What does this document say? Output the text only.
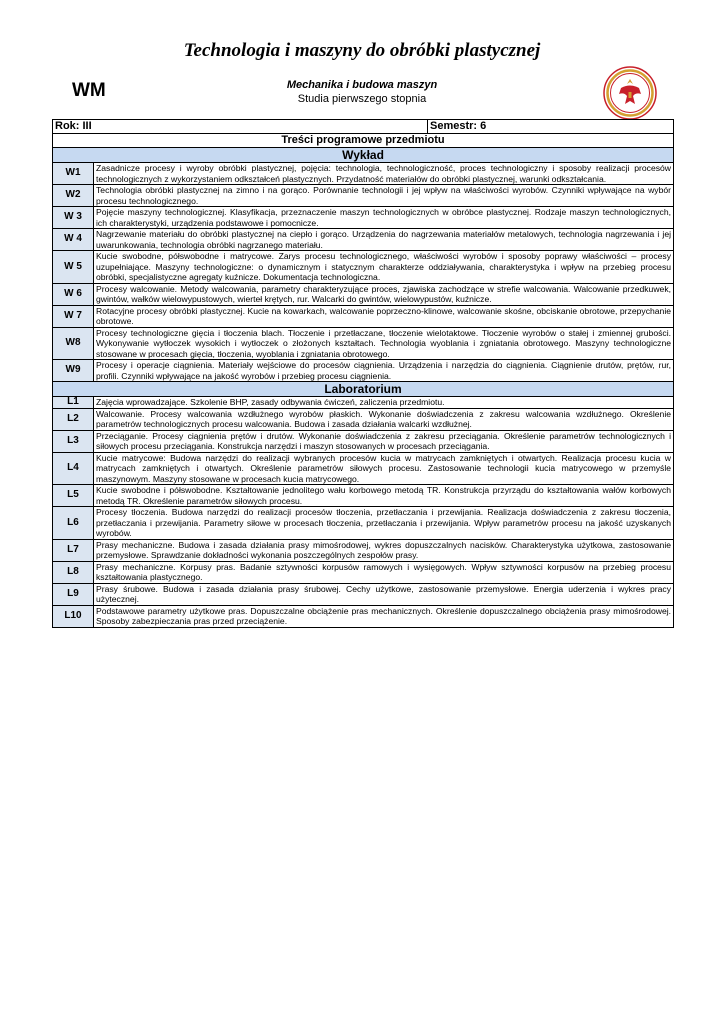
Technologia i maszyny do obróbki plastycznej
WM	Mechanika i budowa maszyn
Studia pierwszego stopnia
Rok: III		Semestr: 6
Treści programowe przedmiotu		
Wykład		
W1	Zasadnicze procesy i wyroby obróbki plastycznej, pojęcia: technologia, technologiczność, proces technologiczny i sposoby realizacji procesów technologicznych z wykorzystaniem odkształceń plastycznych. Przydatność materiałów do obróbki plastycznej, warunki odkształcania.	
W2	Technologia obróbki plastycznej na zimno i na gorąco. Porównanie technologii i jej wpływ na właściwości wyrobów. Czynniki wpływające na wybór procesu technologicznego.	
W 3	Pojęcie maszyny technologicznej. Klasyfikacja, przeznaczenie maszyn technologicznych w obróbce plastycznej. Rodzaje maszyn technologicznych, ich charakterystyki, urządzenia podstawowe i pomocnicze.	
W 4	Nagrzewanie materiału do obróbki plastycznej na ciepło i gorąco. Urządzenia do nagrzewania materiałów metalowych, technologia nagrzewania i jej uwarunkowania, technologia obróbki nagrzanego materiału.	
W 5	Kucie swobodne, półswobodne i matrycowe. Zarys procesu technologicznego, właściwości wyrobów i sposoby poprawy właściwości – procesy uzupełniające. Maszyny technologiczne: o dynamicznym i statycznym charakterze oddziaływania, charakterystyka i wpływ na przebieg procesu obróbki, specjalistyczne agregaty kuźnicze. Dokumentacja technologiczna.	
W 6	Procesy walcowanie. Metody walcowania, parametry charakteryzujące proces, zjawiska zachodzące w strefie walcowania. Walcowanie przedkuwek, gwintów, wałków wielowypustowych, wierteł krętych, rur. Walcarki do gwintów, wielowypustów, kuźnicze.	
W 7	Rotacyjne procesy obróbki plastycznej. Kucie na kowarkach, walcowanie poprzeczno-klinowe, walcowanie skośne, obciskanie obrotowe, przepychanie obrotowe.	
W8	Procesy technologiczne gięcia i tłoczenia blach. Tłoczenie i przetłaczane, tłoczenie wielotaktowe. Tłoczenie wyrobów o stałej i zmiennej grubości. Wykonywanie wytłoczek wysokich i wytłoczek o złożonych kształtach. Technologia wyoblania i zgniatania obrotowego. Maszyny technologiczne stosowane w procesach gięcia, tłoczenia, wyoblania i zgniatania obrotowego.	
W9	Procesy i operacje ciągnienia. Materiały wejściowe do procesów ciągnienia. Urządzenia i narzędzia do ciągnienia. Ciągnienie drutów, prętów, rur, profili. Czynniki wpływające na jakość wyrobów i przebieg procesu ciągnienia.	
Laboratorium		
L1	Zajęcia wprowadzające. Szkolenie BHP, zasady odbywania ćwiczeń, zaliczenia przedmiotu.	
L2	Walcowanie. Procesy walcowania wzdłużnego wyrobów płaskich. Wykonanie doświadczenia z zakresu walcowania wzdłużnego. Określenie parametrów technologicznych procesu walcowania. Budowa i zasada działania walcarki wzdłużnej.	
L3	Przeciąganie. Procesy ciągnienia prętów i drutów. Wykonanie doświadczenia z zakresu przeciągania. Określenie parametrów technologicznych i siłowych procesu przeciągania. Konstrukcja narzędzi i maszyn stosowanych w procesach przeciągania.	
L4	Kucie matrycowe: Budowa narzędzi do realizacji wybranych procesów kucia w matrycach zamkniętych i otwartych. Realizacja procesu kucia w matrycach zamkniętych i otwartych. Określenie parametrów siłowych procesu. Zastosowanie technologii kucia matrycowego w przemyśle maszynowym. Maszyny stosowane w procesach kucia matrycowego.	
L5	Kucie swobodne i półswobodne. Kształtowanie jednolitego wału korbowego metodą TR. Konstrukcja przyrządu do kształtowania wałów korbowych metodą TR. Określenie parametrów siłowych procesu.	
L6	Procesy tłoczenia. Budowa narzędzi do realizacji procesów tłoczenia, przetłaczania i przewijania. Realizacja doświadczenia z zakresu tłoczenia, przetłaczania i przewijania. Parametry siłowe w procesach tłoczenia, przetłaczania i przewijania. Wpływ parametrów procesu na jakość uzyskanych wyrobów.	
L7	Prasy mechaniczne. Budowa i zasada działania prasy mimośrodowej, wykres dopuszczalnych nacisków. Charakterystyka użytkowa, zastosowanie przemysłowe. Sprawdzanie dokładności wykonania poszczególnych zespołów prasy.	
L8	Prasy mechaniczne. Korpusy pras. Badanie sztywności korpusów ramowych i wysięgowych. Wpływ sztywności korpusów na przebieg procesu kształtowania plastycznego.	
L9	Prasy śrubowe. Budowa i zasada działania prasy śrubowej. Cechy użytkowe, zastosowanie przemysłowe. Energia uderzenia i wykres pracy użytecznej.	
L10	Podstawowe parametry użytkowe pras. Dopuszczalne obciążenie pras mechanicznych. Określenie dopuszczalnego obciążenia prasy mimośrodowej. Sposoby zabezpieczania pras przed przeciążenie.	
